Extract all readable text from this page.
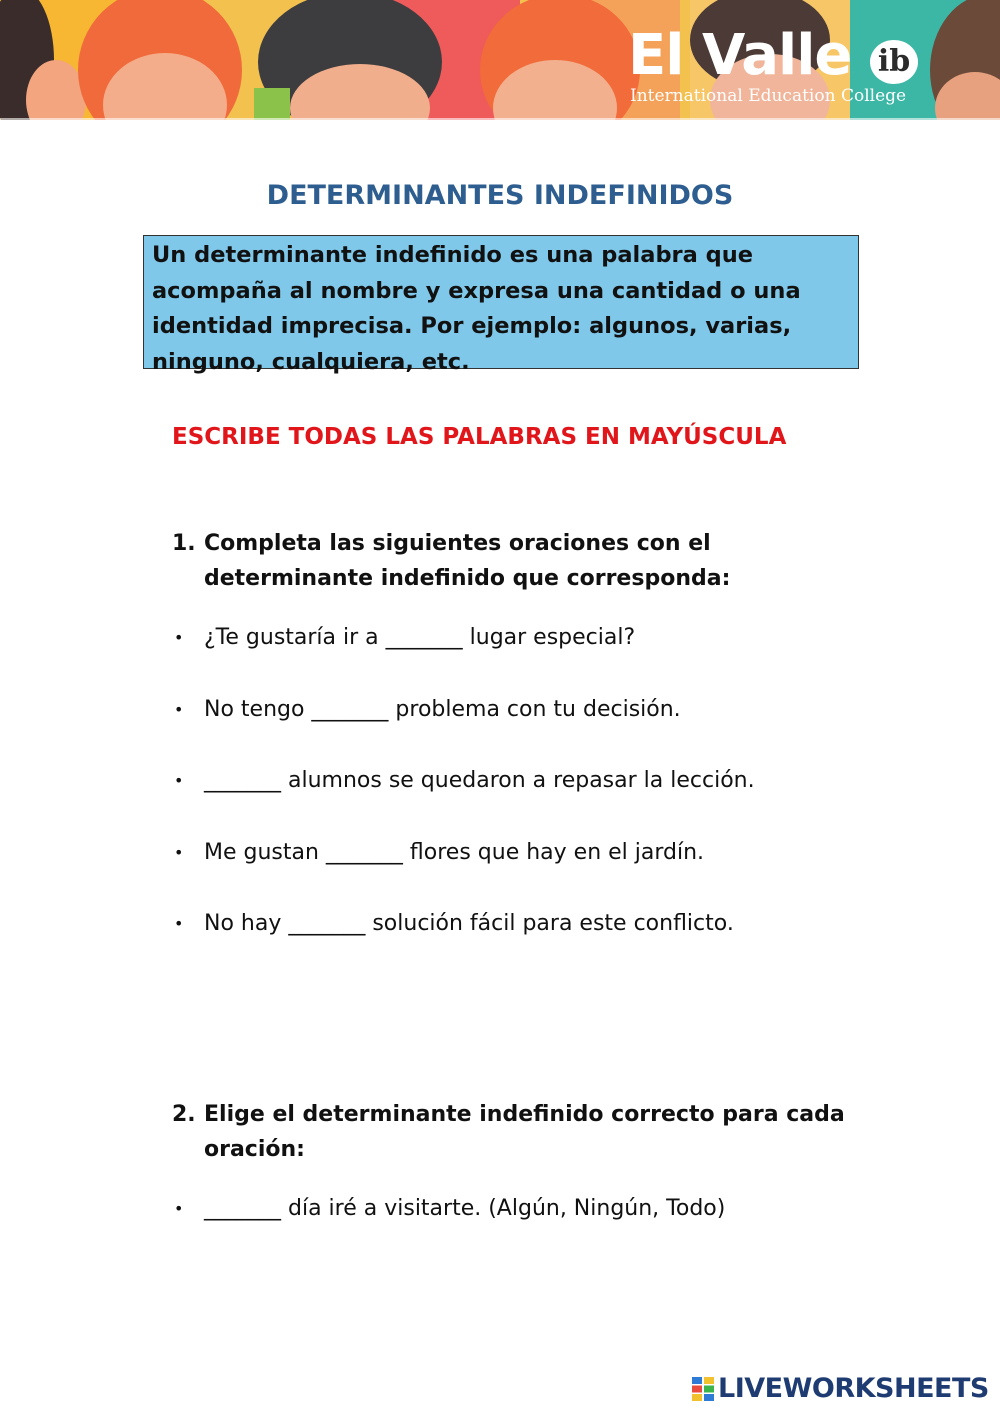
El Valle ib
International Education College
DETERMINANTES INDEFINIDOS
Un determinante indefinido es una palabra que acompaña al nombre y expresa una cantidad o una identidad imprecisa. Por ejemplo: algunos, varias, ninguno, cualquiera, etc.
ESCRIBE TODAS LAS PALABRAS EN MAYÚSCULA
1. Completa las siguientes oraciones con el determinante indefinido que corresponda:
• ¿Te gustaría ir a _______ lugar especial?
• No tengo _______ problema con tu decisión.
• _______ alumnos se quedaron a repasar la lección.
• Me gustan _______ flores que hay en el jardín.
• No hay _______ solución fácil para este conflicto.
2. Elige el determinante indefinido correcto para cada oración:
• _______ día iré a visitarte. (Algún, Ningún, Todo)
LIVEWORKSHEETS
